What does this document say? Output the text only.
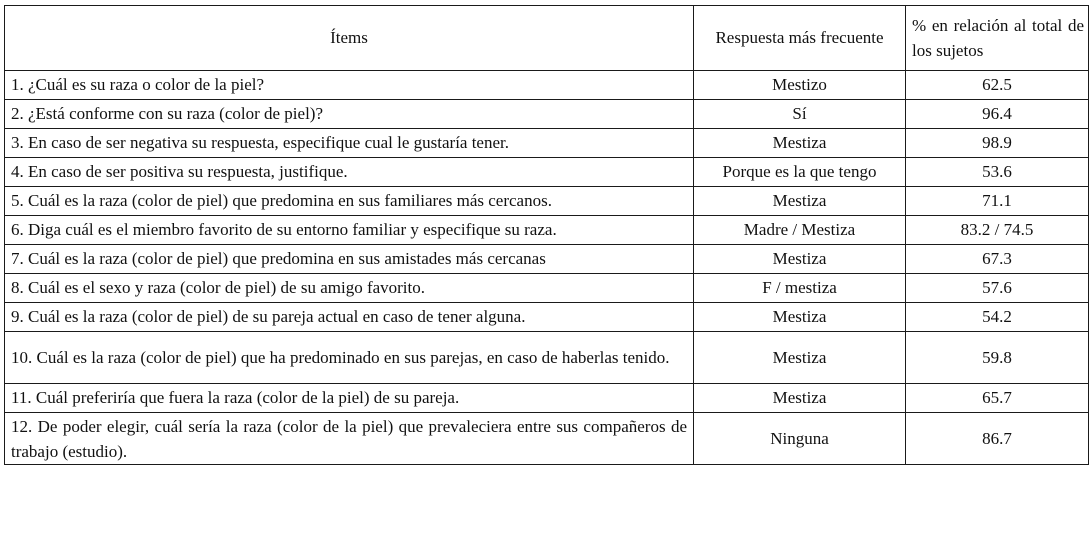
Ítems	Respuesta más frecuente	% en relación al total de los sujetos
1. ¿Cuál es su raza o color de la piel?	Mestizo	62.5
2. ¿Está conforme con su raza (color de piel)?	Sí	96.4
3. En caso de ser negativa su respuesta, especifique cual le gustaría tener.	Mestiza	98.9
4. En caso de ser positiva su respuesta, justifique.	Porque es la que tengo	53.6
5. Cuál es la raza (color de piel) que predomina en sus familiares más cercanos.	Mestiza	71.1
6. Diga cuál es el miembro favorito de su entorno familiar y especifique su raza.	Madre / Mestiza	83.2 / 74.5
7. Cuál es la raza (color de piel) que predomina en sus amistades más cercanas	Mestiza	67.3
8. Cuál es el sexo y raza (color de piel) de su amigo favorito.	F / mestiza	57.6
9. Cuál es la raza (color de piel) de su pareja actual en caso de tener alguna.	Mestiza	54.2
10. Cuál es la raza (color de piel) que ha predominado en sus parejas, en caso de haberlas tenido.	Mestiza	59.8
11. Cuál preferiría que fuera la raza (color de la piel) de su pareja.	Mestiza	65.7
12. De poder elegir, cuál sería la raza (color de la piel) que prevaleciera entre sus compañeros de trabajo (estudio).	Ninguna	86.7
